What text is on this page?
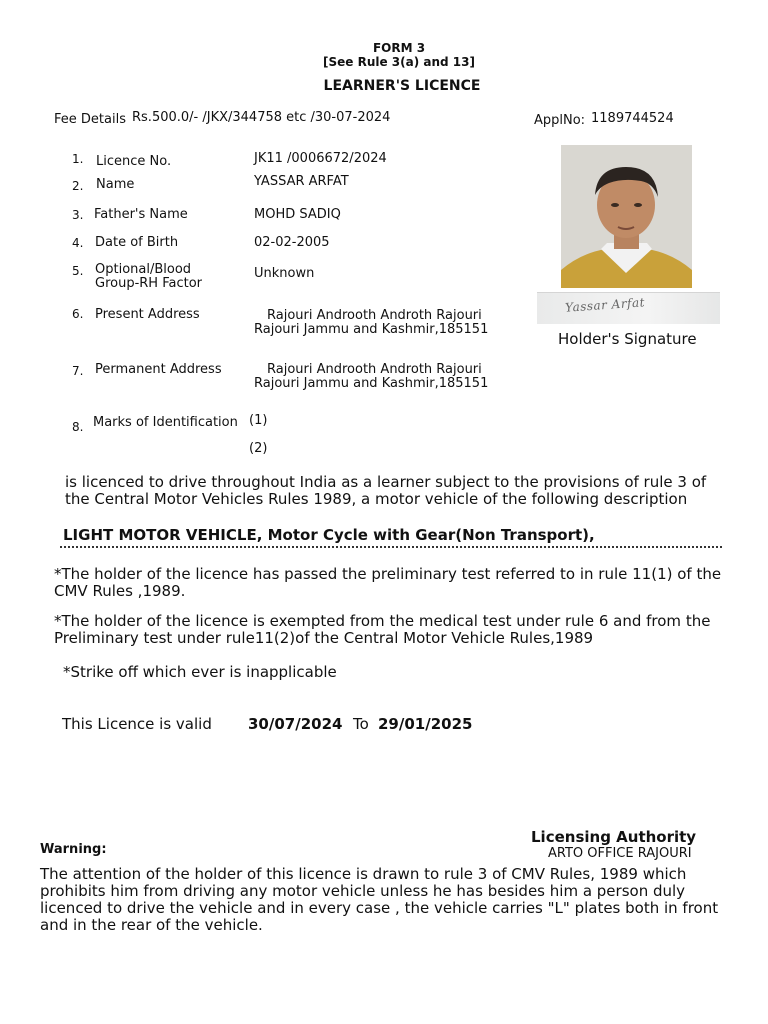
FORM 3
[See Rule 3(a) and 13]
LEARNER'S LICENCE
Fee Details Rs.500.0/- /JKX/344758 etc /30-07-2024	ApplNo: 1189744524
1. Licence No.	JK11 /0006672/2024
2. Name	YASSAR ARFAT
3. Father's Name	MOHD SADIQ
4. Date of Birth	02-02-2005
5. Optional/Blood
Group-RH Factor
Unknown
6. Present Address	Rajouri Androoth Androth Rajouri
Rajouri Jammu and Kashmir,185151
7. Permanent Address	Rajouri Androoth Androth Rajouri
Rajouri Jammu and Kashmir,185151
8. Marks of Identification (1)
(2)
Yassar Arfat
Holder's Signature
is licenced to drive throughout India as a learner subject to the provisions of rule 3 of the Central Motor Vehicles Rules 1989, a motor vehicle of the following description
LIGHT MOTOR VEHICLE, Motor Cycle with Gear(Non Transport),
*The holder of the licence has passed the preliminary test referred to in rule 11(1) of the CMV Rules ,1989.
*The holder of the licence is exempted from the medical test under rule 6 and from the Preliminary test under rule11(2)of the Central Motor Vehicle Rules,1989
*Strike off which ever is inapplicable
This Licence is valid 30/07/2024 To 29/01/2025
Licensing Authority
ARTO OFFICE RAJOURI
Warning:
The attention of the holder of this licence is drawn to rule 3 of CMV Rules, 1989 which prohibits him from driving any motor vehicle unless he has besides him a person duly licenced to drive the vehicle and in every case , the vehicle carries "L" plates both in front and in the rear of the vehicle.
